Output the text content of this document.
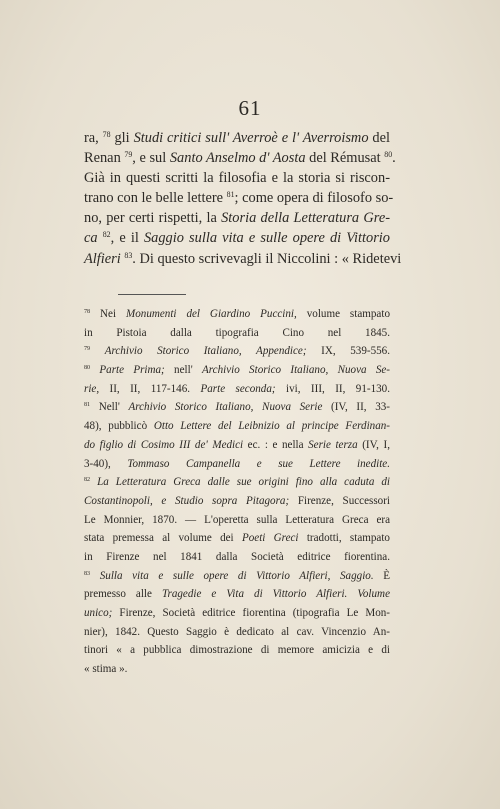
61
ra, $^{78}$ gli Studi critici sull' Averroè e l' Averroismo del
Renan $^{79}$, e sul Santo Anselmo d' Aosta del Rémusat $^{80}$.
Già in questi scritti la filosofia e la storia si riscon-
trano con le belle lettere $^{81}$; come opera di filosofo so-
no, per certi rispetti, la Storia della Letteratura Gre-
ca $^{82}$, e il Saggio sulla vita e sulle opere di Vittorio
Alfieri $^{83}$. Di questo scrivevagli il Niccolini : « Ridetevi
$^{78}$ Nei Monumenti del Giardino Puccini, volume stampato
in Pistoia dalla tipografia Cino nel 1845.
$^{79}$ Archivio Storico Italiano, Appendice; IX, 539-556.
$^{80}$ Parte Prima; nell' Archivio Storico Italiano, Nuova Se-
rie, II, II, 117-146. Parte seconda; ivi, III, II, 91-130.
$^{81}$ Nell' Archivio Storico Italiano, Nuova Serie (IV, II, 33-
48), pubblicò Otto Lettere del Leibnizio al principe Ferdinan-
do figlio di Cosimo III de' Medici ec. : e nella Serie terza (IV, I,
3-40), Tommaso Campanella e sue Lettere inedite.
$^{82}$ La Letteratura Greca dalle sue origini fino alla caduta di
Costantinopoli, e Studio sopra Pitagora; Firenze, Successori
Le Monnier, 1870. — L'operetta sulla Letteratura Greca era
stata premessa al volume dei Poeti Greci tradotti, stampato
in Firenze nel 1841 dalla Società editrice fiorentina.
$^{83}$ Sulla vita e sulle opere di Vittorio Alfieri, Saggio. È
premesso alle Tragedie e Vita di Vittorio Alfieri. Volume
unico; Firenze, Società editrice fiorentina (tipografia Le Mon-
nier), 1842. Questo Saggio è dedicato al cav. Vincenzio An-
tinori « a pubblica dimostrazione di memore amicizia e di
« stima ».
